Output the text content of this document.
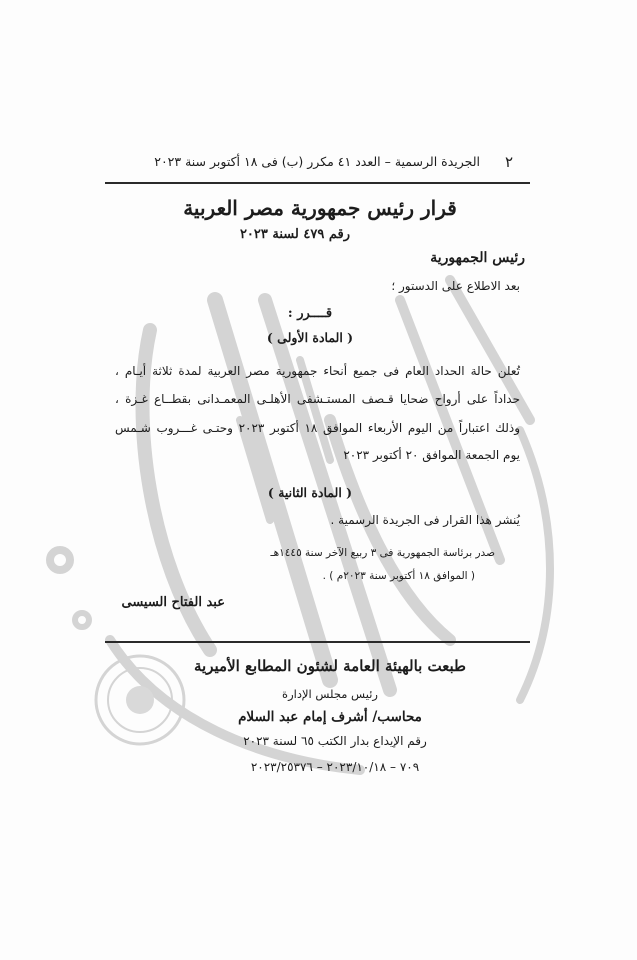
٢
الجريدة الرسمية – العدد ٤١ مكرر (ب) فى ١٨ أكتوبر سنة ٢٠٢٣
قرار رئيس جمهورية مصر العربية
رقم ٤٧٩ لسنة ٢٠٢٣
رئيس الجمهورية
بعد الاطلاع على الدستور ؛
قــــرر :
( المادة الأولى )
تُعلن حالة الحداد العام فى جميع أنحاء جمهورية مصر العربية لمدة ثلاثة أيـام ،
حداداً على أرواح ضحايا قـصف المستـشفى الأهلـى المعمـدانى بقطــاع غـزة ،
وذلك اعتباراً من اليوم الأربعاء الموافق ١٨ أكتوبر ٢٠٢٣ وحتـى غـــروب شـمس
يوم الجمعة الموافق ٢٠ أكتوبر ٢٠٢٣
( المادة الثانية )
يُنشر هذا القرار فى الجريدة الرسمية .
صدر برئاسة الجمهورية فى ٣ ربيع الآخر سنة ١٤٤٥هـ
( الموافق ١٨ أكتوبر سنة ٢٠٢٣م ) .
عبد الفتاح السيسى
طبعت بالهيئة العامة لشئون المطابع الأميرية
رئيس مجلس الإدارة
محاسب/ أشرف إمام عبد السلام
رقم الإيداع بدار الكتب ٦٥ لسنة ٢٠٢٣
٧٠٩ – ٢٠٢٣/١٠/١٨ – ٢٠٢٣/٢٥٣٧٦
